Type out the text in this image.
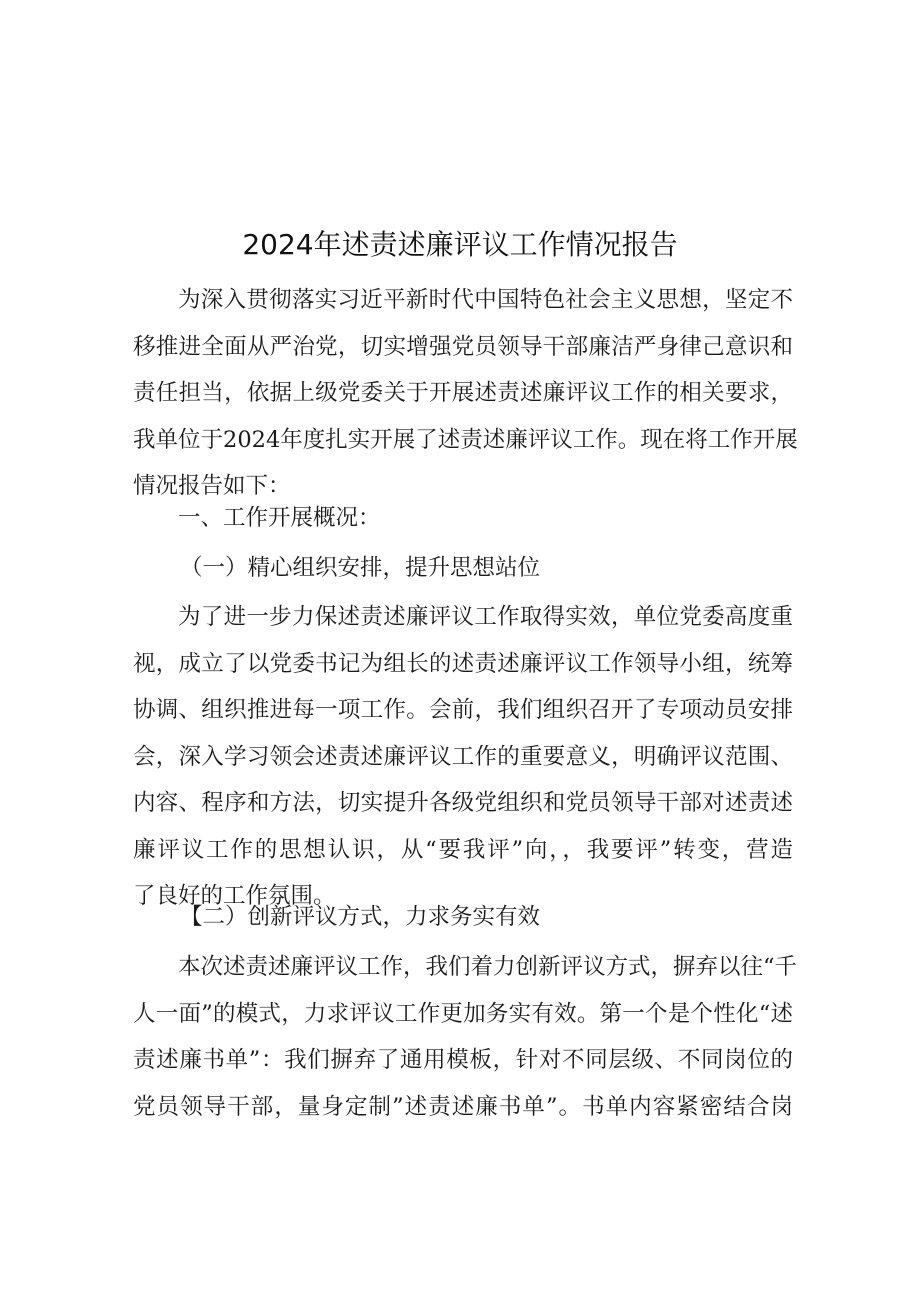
2024年述责述廉评议工作情况报告
为深入贯彻落实习近平新时代中国特色社会主义思想，坚定不
移推进全面从严治党，切实增强党员领导干部廉洁严身律己意识和
责任担当，依据上级党委关于开展述责述廉评议工作的相关要求，
我单位于2024年度扎实开展了述责述廉评议工作。现在将工作开展
情况报告如下：
一、工作开展概况：
（一）精心组织安排，提升思想站位
为了进一步力保述责述廉评议工作取得实效，单位党委高度重
视，成立了以党委书记为组长的述责述廉评议工作领导小组，统筹
协调、组织推进每一项工作。会前，我们组织召开了专项动员安排
会，深入学习领会述责述廉评议工作的重要意义，明确评议范围、
内容、程序和方法，切实提升各级党组织和党员领导干部对述责述
廉评议工作的思想认识，从“要我评”向，，我要评”转变，营造
了良好的工作氛围。
【二）创新评议方式，力求务实有效
本次述责述廉评议工作，我们着力创新评议方式，摒弃以往“千
人一面”的模式，力求评议工作更加务实有效。第一个是个性化“述
责述廉书单”：我们摒弃了通用模板，针对不同层级、不同岗位的
党员领导干部，量身定制”述责述廉书单”。书单内容紧密结合岗
